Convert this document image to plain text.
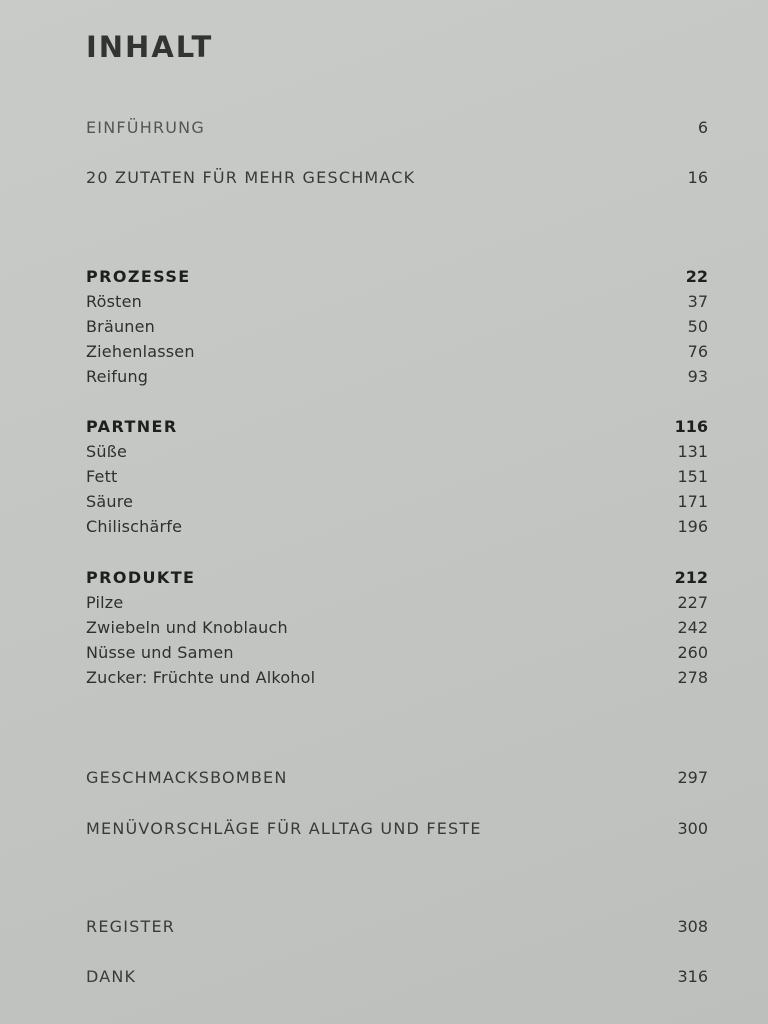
INHALT
EINFÜHRUNG	6
20 ZUTATEN FÜR MEHR GESCHMACK	16
PROZESSE	22
Rösten	37
Bräunen	50
Ziehenlassen	76
Reifung	93
PARTNER	116
Süße	131
Fett	151
Säure	171
Chilischärfe	196
PRODUKTE	212
Pilze	227
Zwiebeln und Knoblauch	242
Nüsse und Samen	260
Zucker: Früchte und Alkohol	278
GESCHMACKSBOMBEN	297
MENÜVORSCHLÄGE FÜR ALLTAG UND FESTE	300
REGISTER	308
DANK	316
